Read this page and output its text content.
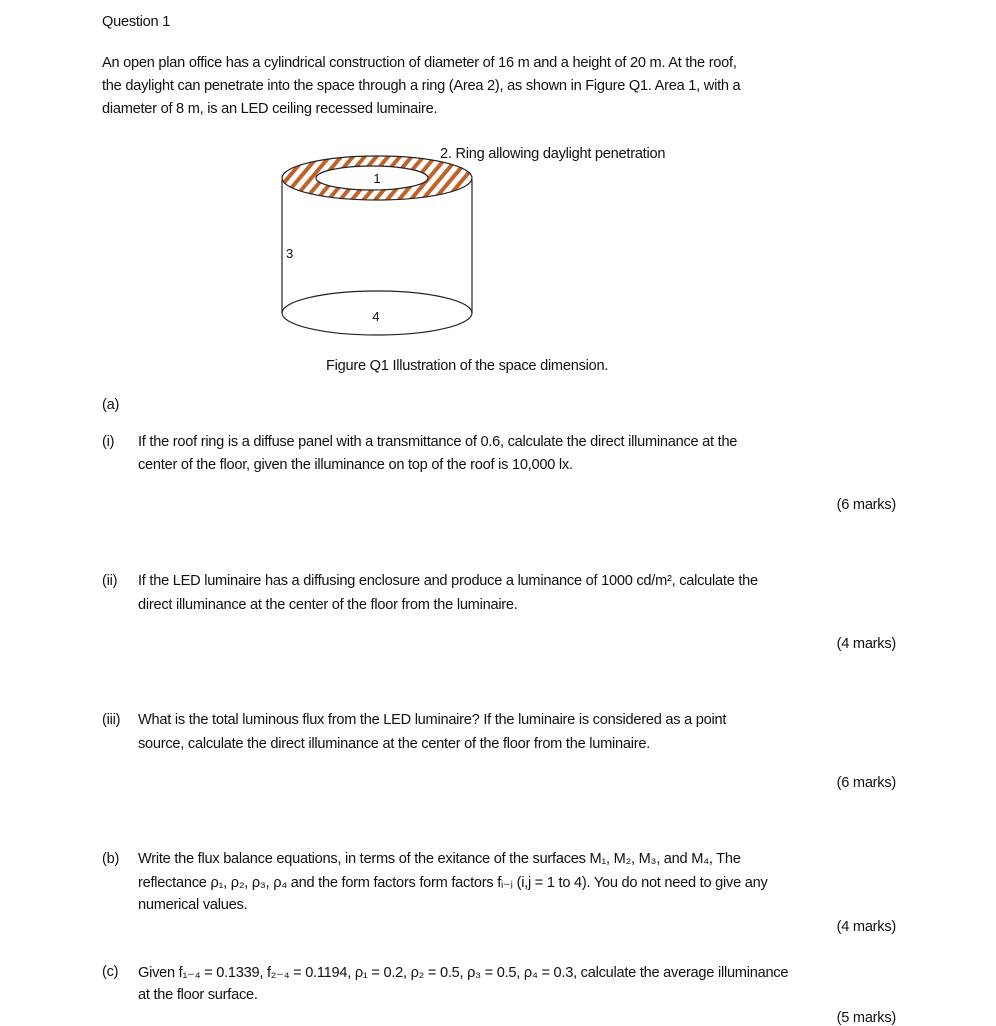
Question 1
An open plan office has a cylindrical construction of diameter of 16 m and a height of 20 m. At the roof,
the daylight can penetrate into the space through a ring (Area 2), as shown in Figure Q1. Area 1, with a
diameter of 8 m, is an LED ceiling recessed luminaire.
1
3
4
2. Ring allowing daylight penetration
Figure Q1 Illustration of the space dimension.
(a)
(i) If the roof ring is a diffuse panel with a transmittance of 0.6, calculate the direct illuminance at the
center of the floor, given the illuminance on top of the roof is 10,000 lx.
(6 marks)
(ii) If the LED luminaire has a diffusing enclosure and produce a luminance of 1000 cd/m², calculate the
direct illuminance at the center of the floor from the luminaire.
(4 marks)
(iii) What is the total luminous flux from the LED luminaire? If the luminaire is considered as a point
source, calculate the direct illuminance at the center of the floor from the luminaire.
(6 marks)
(b) Write the flux balance equations, in terms of the exitance of the surfaces M₁, M₂, M₃, and M₄, The
reflectance ρ₁, ρ₂, ρ₃, ρ₄ and the form factors form factors fᵢ₋ⱼ (i,j = 1 to 4). You do not need to give any
numerical values.
(4 marks)
(c) Given f₁₋₄ = 0.1339, f₂₋₄ = 0.1194, ρ₁ = 0.2, ρ₂ = 0.5, ρ₃ = 0.5, ρ₄ = 0.3, calculate the average illuminance
at the floor surface.
(5 marks)
